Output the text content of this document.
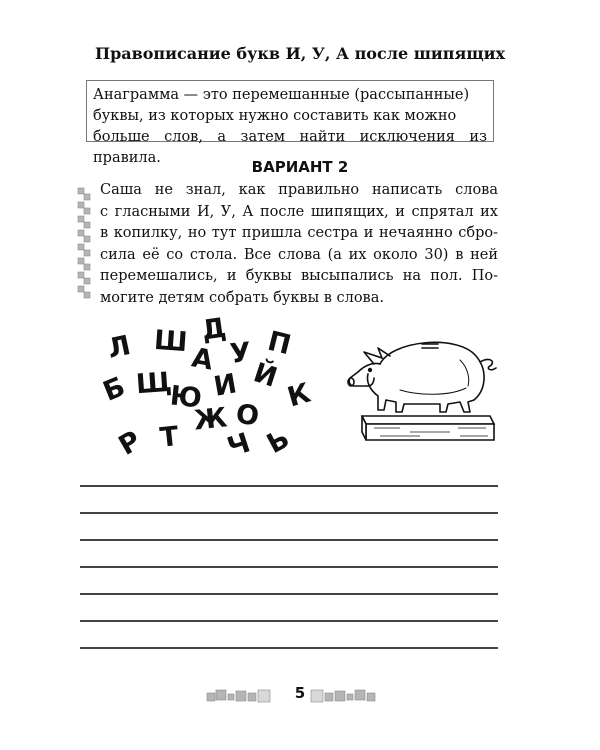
Правописание букв И, У, А после шипящих
Анаграмма — это перемешанные (рассыпанные)
буквы, из которых нужно составить как можно
больше слов, а затем найти исключения из правила.	ВАРИАНТ 2
Саша не знал, как правильно написать слова
с гласными И, У, А после шипящих, и спрятал их
в копилку, но тут пришла сестра и нечаянно сбро-
сила её со стола. Все слова (а их около 30) в ней
перемешались, и буквы высыпались на пол. По-
могите детям собрать буквы в слова.
Д
Л Ш
А У П
Б Щ
Ю И Й
К
Ж О
Р Т Ч Ь
5
